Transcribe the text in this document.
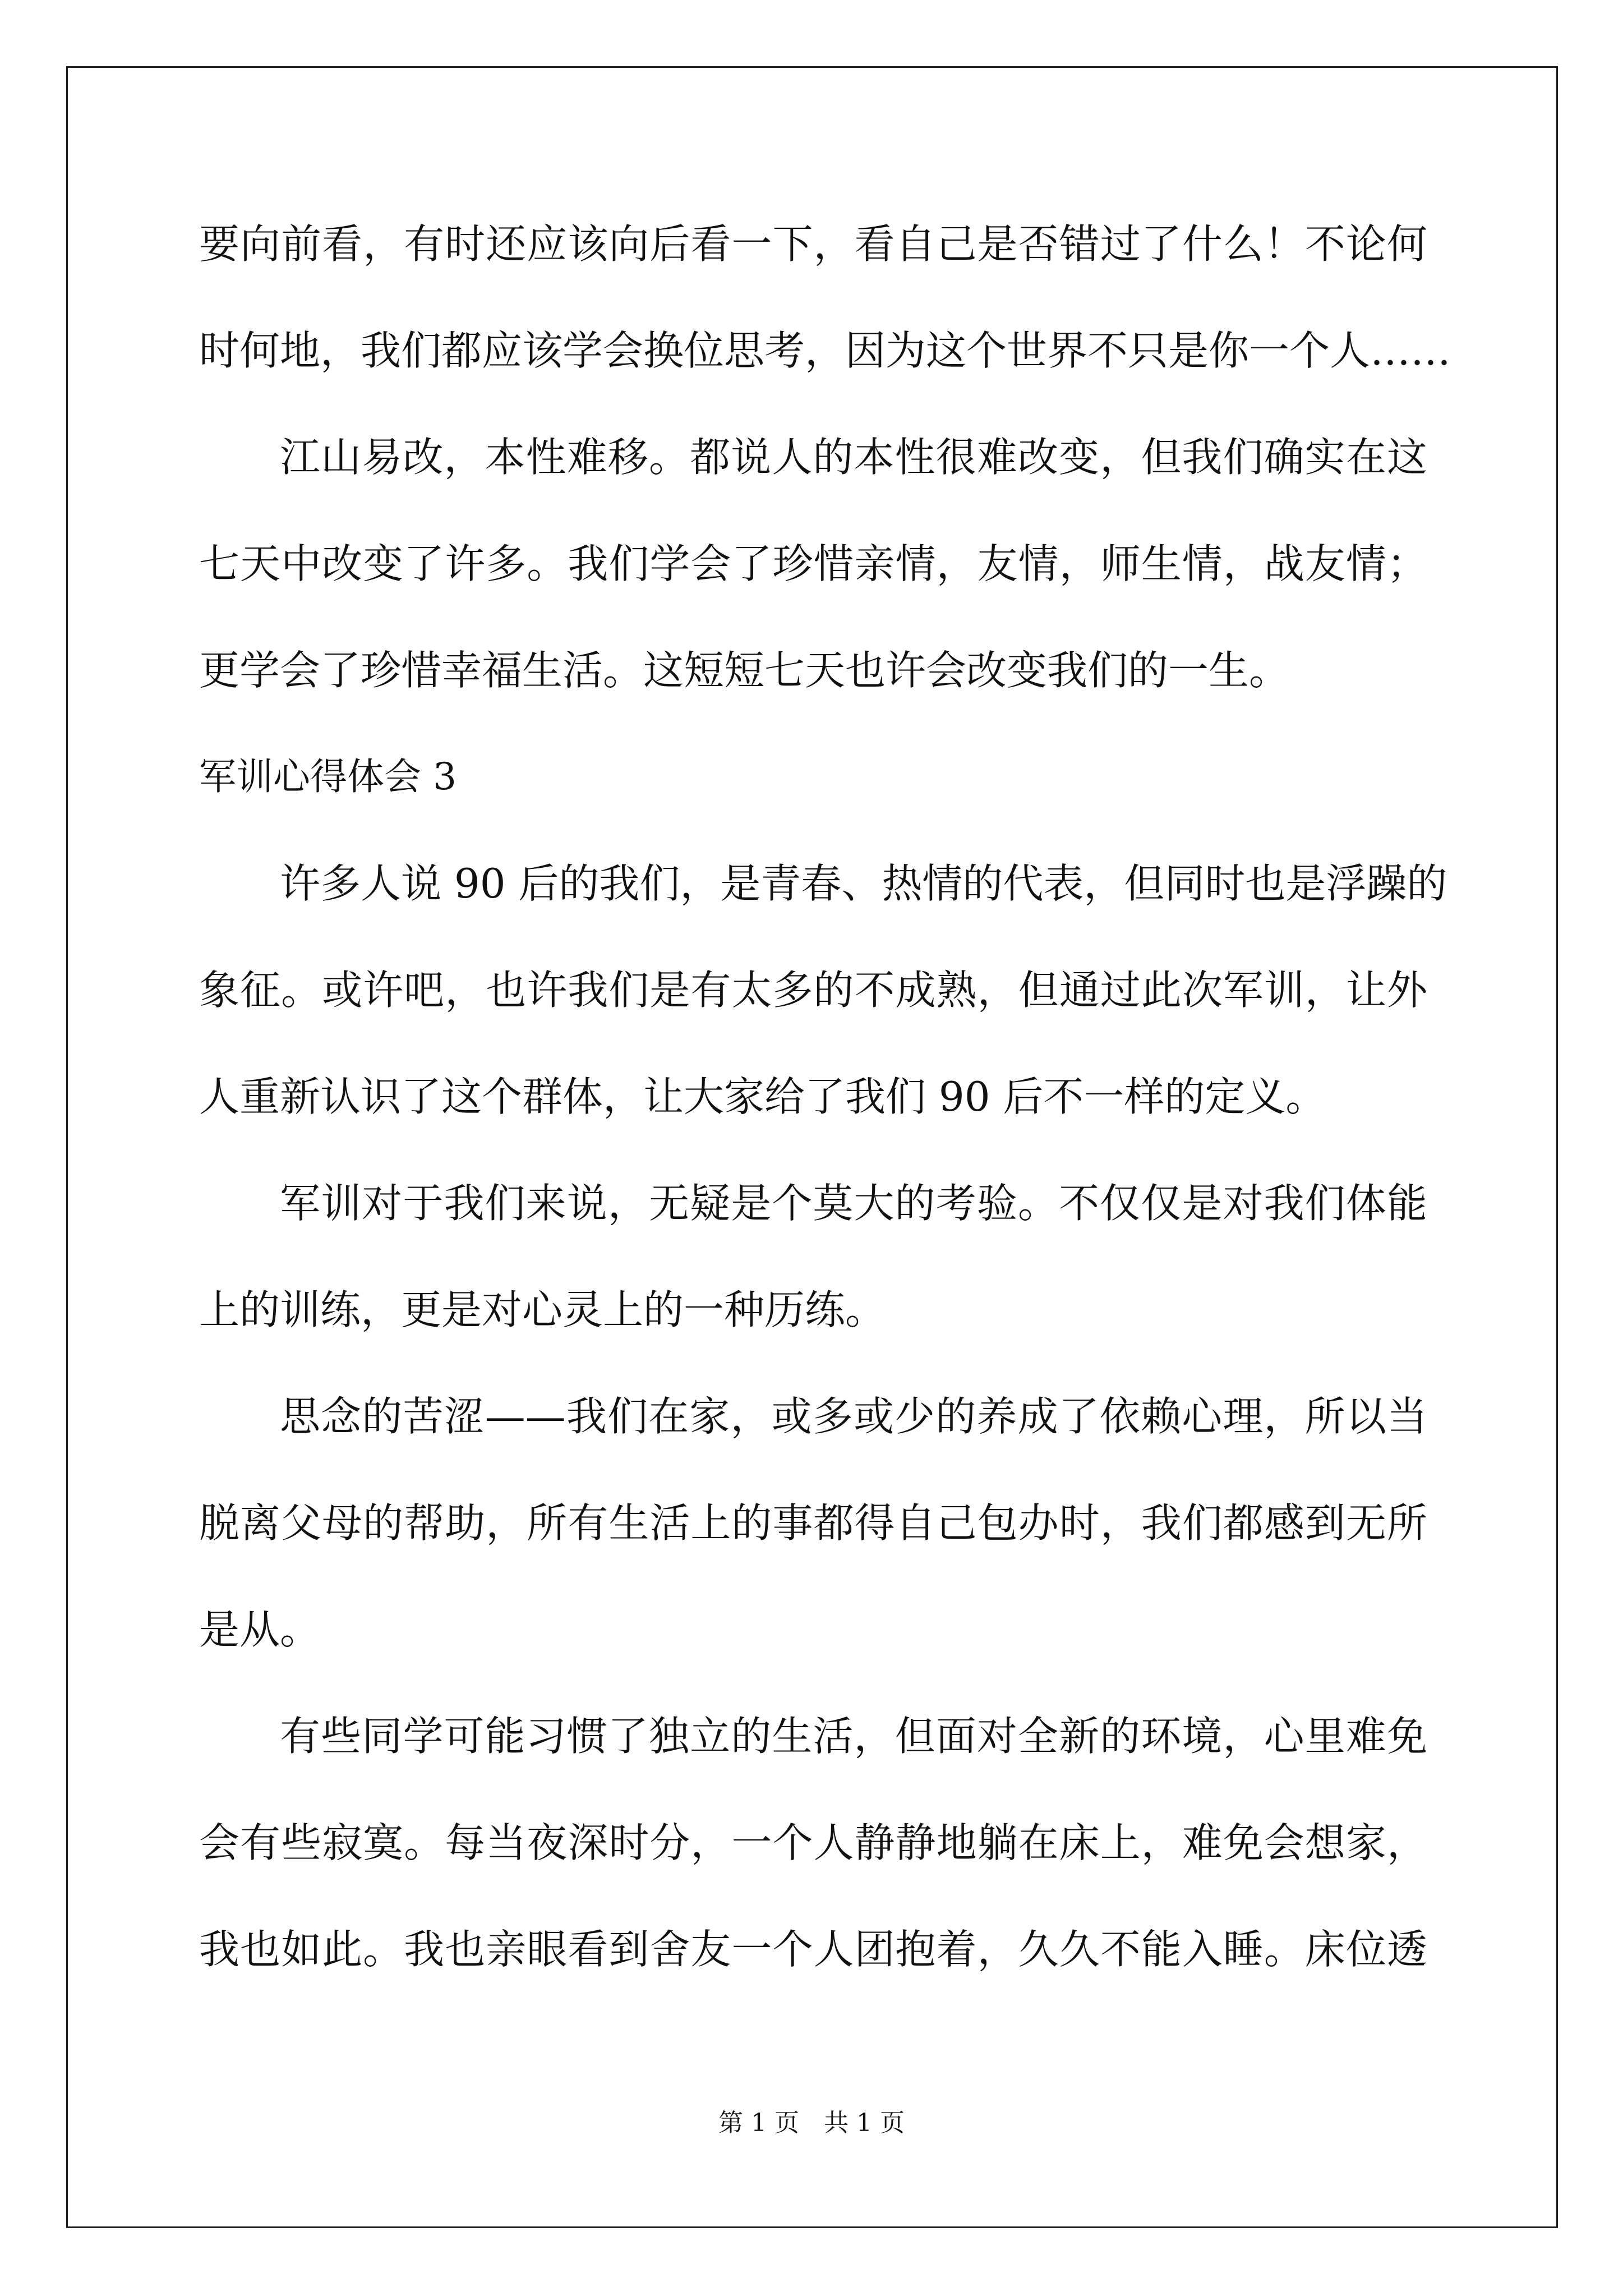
要向前看，有时还应该向后看一下，看自己是否错过了什么！不论何
时何地，我们都应该学会换位思考，因为这个世界不只是你一个人……
江山易改，本性难移。都说人的本性很难改变，但我们确实在这
七天中改变了许多。我们学会了珍惜亲情，友情，师生情，战友情；
更学会了珍惜幸福生活。这短短七天也许会改变我们的一生。
军训心得体会 3
许多人说 90 后的我们，是青春、热情的代表，但同时也是浮躁的
象征。或许吧，也许我们是有太多的不成熟，但通过此次军训，让外
人重新认识了这个群体，让大家给了我们 90 后不一样的定义。
军训对于我们来说，无疑是个莫大的考验。不仅仅是对我们体能
上的训练，更是对心灵上的一种历练。
思念的苦涩——我们在家，或多或少的养成了依赖心理，所以当
脱离父母的帮助，所有生活上的事都得自己包办时，我们都感到无所
是从。
有些同学可能习惯了独立的生活，但面对全新的环境，心里难免
会有些寂寞。每当夜深时分，一个人静静地躺在床上，难免会想家，
我也如此。我也亲眼看到舍友一个人团抱着，久久不能入睡。床位透
第 1 页　共 1 页
